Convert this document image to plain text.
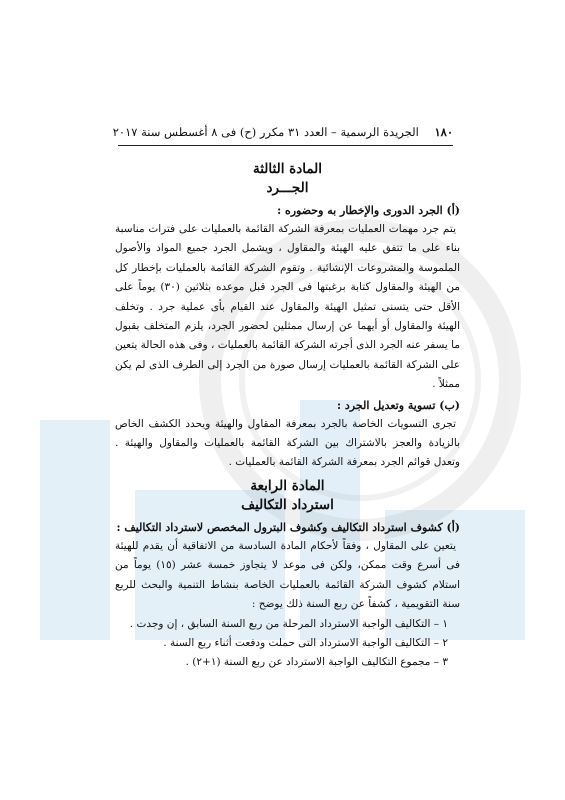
١٨٠ الجريدة الرسمية – العدد ٣١ مكرر (ح) فى ٨ أغسطس سنة ٢٠١٧

المادة الثالثة

الجـــرد

(أ) الجرد الدورى والإخطار به وحضوره :

يتم جرد مهمات العمليات بمعرفة الشركة القائمة بالعمليات على فترات مناسبة بناء على ما تتفق عليه الهيئة والمقاول ، ويشمل الجرد جميع المواد والأصول الملموسة والمشروعات الإنشائية . وتقوم الشركة القائمة بالعمليات بإخطار كل من الهيئة والمقاول كتابة برغبتها فى الجرد قبل موعده بثلاثين (٣٠) يوماً على الأقل حتى يتسنى تمثيل الهيئة والمقاول عند القيام بأى عملية جرد . وتخلف الهيئة والمقاول أو أيهما عن إرسال ممثلين لحضور الجرد، يلزم المتخلف بقبول ما يسفر عنه الجرد الذى أجرته الشركة القائمة بالعمليات ، وفى هذه الحالة يتعين على الشركة القائمة بالعمليات إرسال صورة من الجرد إلى الطرف الذى لم يكن ممثلاً .

(ب) تسوية وتعديل الجرد :

تجرى التسويات الخاصة بالجرد بمعرفة المقاول والهيئة ويحدد الكشف الخاص بالزيادة والعجز بالاشتراك بين الشركة القائمة بالعمليات والمقاول والهيئة . وتعدل قوائم الجرد بمعرفة الشركة القائمة بالعمليات .

المادة الرابعة

استرداد التكاليف

(أ) كشوف استرداد التكاليف وكشوف البترول المخصص لاسترداد التكاليف :

يتعين على المقاول ، وفقاً لأحكام المادة السادسة من الاتفاقية أن يقدم للهيئة فى أسرع وقت ممكن، ولكن فى موعد لا يتجاوز خمسة عشر (١٥) يوماً من استلام كشوف الشركة القائمة بالعمليات الخاصة بنشاط التنمية والبحث للربع سنة التقويمية ، كشفاً عن ربع السنة ذلك يوضح :

١ – التكاليف الواجبة الاسترداد المرحلة من ربع السنة السابق ، إن وجدت .

٢ – التكاليف الواجبة الاسترداد التى حملت ودفعت أثناء ربع السنة .

٣ – مجموع التكاليف الواجبة الاسترداد عن ربع السنة (١+٢) .
